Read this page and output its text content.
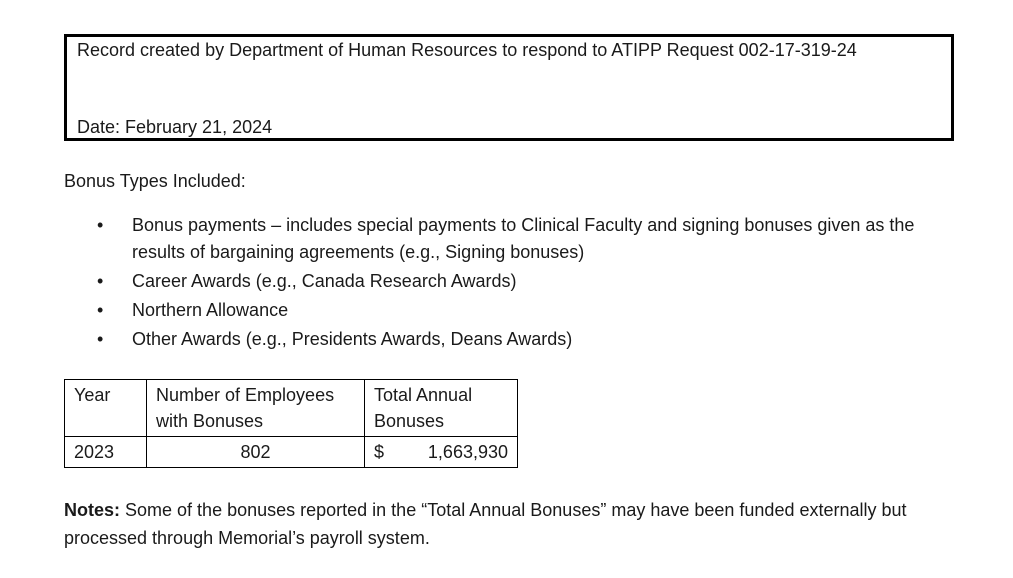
Record created by Department of Human Resources to respond to ATIPP Request 002-17-319-24
Date: February 21, 2024
Bonus Types Included:
• Bonus payments – includes special payments to Clinical Faculty and signing bonuses given as the results of bargaining agreements (e.g., Signing bonuses)
• Career Awards (e.g., Canada Research Awards)
• Northern Allowance
• Other Awards (e.g., Presidents Awards, Deans Awards)
Year	Number of Employees with Bonuses	Total Annual Bonuses
2023	802	$ 1,663,930
Notes: Some of the bonuses reported in the “Total Annual Bonuses” may have been funded externally but processed through Memorial’s payroll system.
